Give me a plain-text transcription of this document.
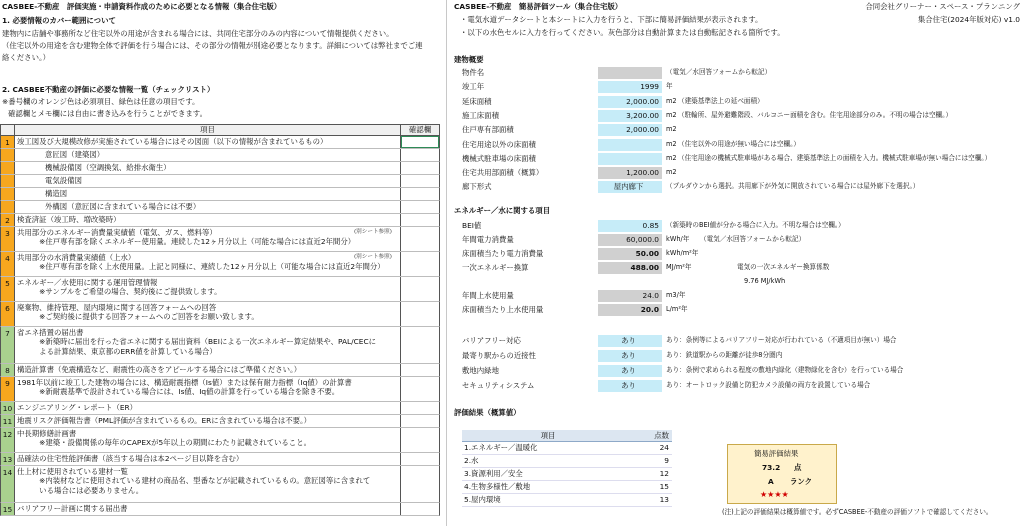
CASBEE-不動産　評価実施・申請資料作成のために必要となる情報（集合住宅版）
1. 必要情報のカバー範囲について
建物内に店舗や事務所など住宅以外の用途が含まれる場合には、共同住宅部分のみの内容について情報提供ください。
（住宅以外の用途を含む建物全体で評価を行う場合には、その部分の情報が別途必要となります。詳細については弊社までご連
絡ください。）
2. CASBEE不動産の評価に必要な情報一覧（チェックリスト）
※番号欄のオレンジ色は必須項目、緑色は任意の項目です。
確認欄とメモ欄には自由に書き込みを行うことができます。
項目	確認欄
1 竣工図及び大規模改修が実施されている場合にはその図面（以下の情報が含まれているもの）
意匠図（建築図）
機械設備図（空調換気、給排水衛生）
電気設備図
構造図
外構図（意匠図に含まれている場合には不要）
2 検査済証（竣工時、増改築時）
3 共用部分のエネルギー消費量実績値（電気、ガス、燃料等）
　　　※住戸専有部を除くエネルギー使用量。連続した12ヶ月分以上（可能な場合には直近2年間分）
(別シート参照)
4 共用部分の水消費量実績値（上水）
　　　※住戸専有部を除く上水使用量。上記と同様に、連続した12ヶ月分以上（可能な場合には直近2年間分）
(別シート参照)
5 エネルギー／水使用に関する運用管理情報
　　　※サンプルをご希望の場合、契約後にご提供致します。
6 廃棄物、維持管理、屋内環境に関する回答フォームへの回答
　　　※ご契約後に提供する回答フォームへのご回答をお願い致します。
7 省エネ措置の届出書
　　　※新築時に届出を行った省エネに関する届出資料（BEIによる一次エネルギー算定結果や、PAL/CECに
　　　よる計算結果、東京都のERR値を計算している場合）
8 構造計算書（免震構造など、耐震性の高さをアピールする場合にはご準備ください。）
9 1981年以前に竣工した建物の場合には、構造耐震指標（Is値）または保有耐力指標（Iq値）の計算書
　　　※新耐震基準で設計されている場合には、Is値、Iq値の計算を行っている場合を除き不要。
10 エンジニアリング・レポート（ER）
11 地震リスク評価報告書（PML評価が含まれているもの。ERに含まれている場合は不要。）
12 中長期修繕計画書
　　　※建築・設備関係の毎年のCAPEXが5年以上の期間にわたり記載されていること。
13 品確法の住宅性能評価書（該当する場合は本2ページ目以降を含む）
14 仕上材に使用されている建材一覧
　　　※内装材などに使用されている建材の商品名、型番などが記載されているもの。意匠図等に含まれて
　　　いる場合には必要ありません。
15 バリアフリー計画に関する届出書
CASBEE-不動産　簡易評価ツール（集合住宅版）	合同会社グリーナー・スペース・プランニング
集合住宅(2024年版対応) v1.0
・電気水道データシートと本シートに入力を行うと、下部に簡易評価結果が表示されます。
・以下の水色セルに入力を行ってください。灰色部分は自動計算または自動転記される箇所です。
建物概要
物件名	（電気／水回答フォームから転記）
竣工年	1999	年
延床面積	2,000.00	m2 （建築基準法上の延べ面積）
施工床面積	3,200.00	m2 （駐輪所、屋外避難階段、バルコニー面積を含む。住宅用途部分のみ。不明の場合は空欄。）
住戸専有部面積	2,000.00	m2
住宅用途以外の床面積	m2 （住宅以外の用途が無い場合には空欄。）
機械式駐車場の床面積	m2 （住宅用途の機械式駐車場がある場合、建築基準法上の面積を入力。機械式駐車場が無い場合には空欄。）
住宅共用部面積（概算）	1,200.00	m2
廊下形式	屋内廊下	（プルダウンから選択。共用廊下が外気に開放されている場合には屋外廊下を選択。）
エネルギー／水に関する項目
BEI値	0.85	（新築時のBEI値が分かる場合に入力。不明な場合は空欄。）
年間電力消費量	60,000.0	kWh/年 （電気／水回答フォームから転記）
床面積当たり電力消費量	50.00	kWh/m²年
一次エネルギー換算	488.00	MJ/m²年
年間上水使用量	24.0	m3/年
床面積当たり上水使用量	20.0	L/m²年
電気の一次エネルギー換算係数
9.76 MJ/kWh
バリアフリー対応	あり	あり：条例等によるバリアフリー対応が行われている（不適項目が無い）場合
最寄り駅からの近接性	あり	あり：鉄道駅からの距離が徒歩8分圏内
敷地内緑地	あり	あり：条例で求められる程度の敷地内緑化（建物緑化を含む）を行っている場合
セキュリティシステム	あり	あり：オートロック設備と防犯カメラ設備の両方を設置している場合
評価結果（概算値）
項目	点数
1.エネルギー／温暖化	24
2.水	9
3.資源利用／安全	12
4.生物多様性／敷地	15
5.屋内環境	13
簡易評価結果
73.2 点
A ランク
★★★★
(注)上記の評価結果は概算値です。必ずCASBEE-不動産の評価ソフトで確認してください。
